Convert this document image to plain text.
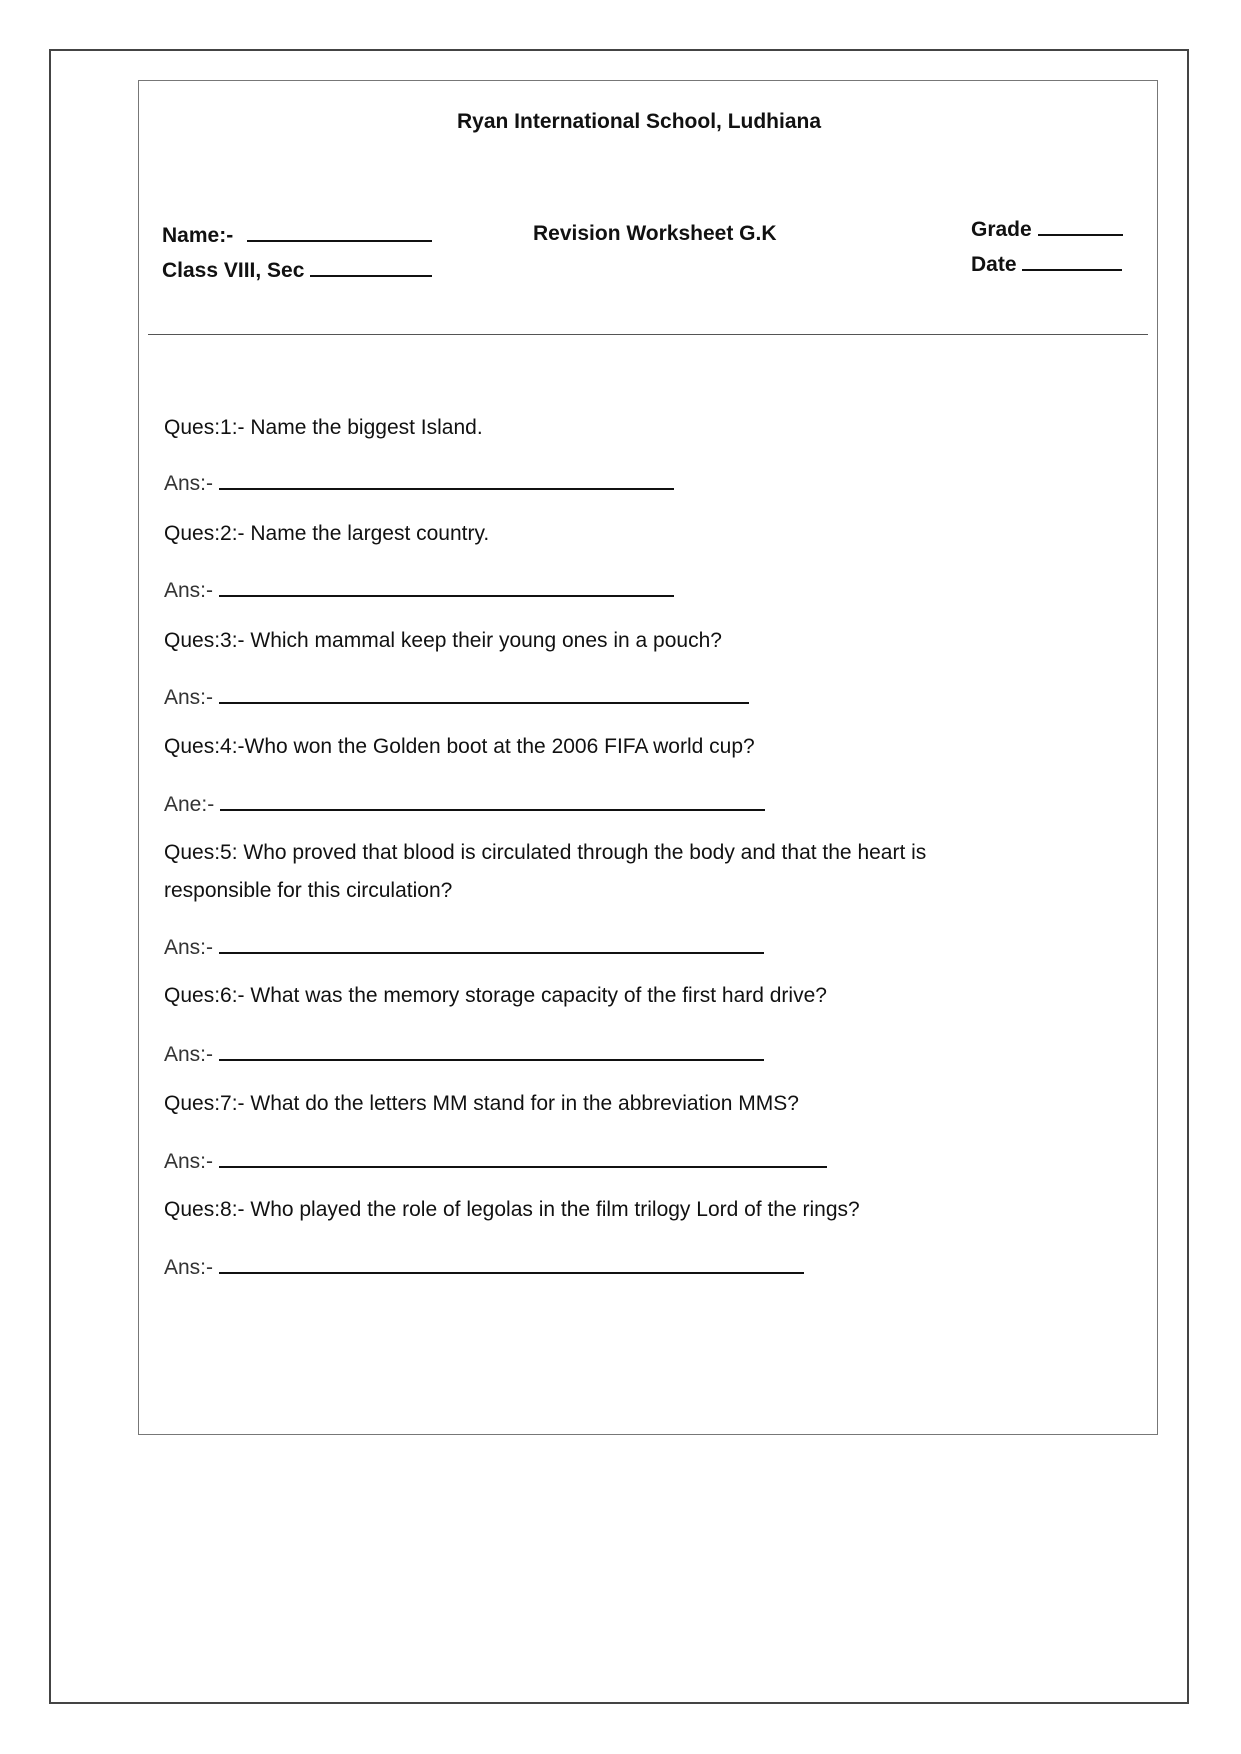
Ryan International School, Ludhiana
Name:-
Class VIII, Sec
Revision Worksheet G.K	Grade
Date
Ques:1:- Name the biggest Island.
Ans:-
Ques:2:- Name the largest country.
Ans:-
Ques:3:- Which mammal keep their young ones in a pouch?
Ans:-
Ques:4:-Who won the Golden boot at the 2006 FIFA world cup?
Ane:-
Ques:5: Who proved that blood is circulated through the body and that the heart is
responsible for this circulation?
Ans:-
Ques:6:- What was the memory storage capacity of the first hard drive?
Ans:-
Ques:7:- What do the letters MM stand for in the abbreviation MMS?
Ans:-
Ques:8:- Who played the role of legolas in the film trilogy Lord of the rings?
Ans:-
